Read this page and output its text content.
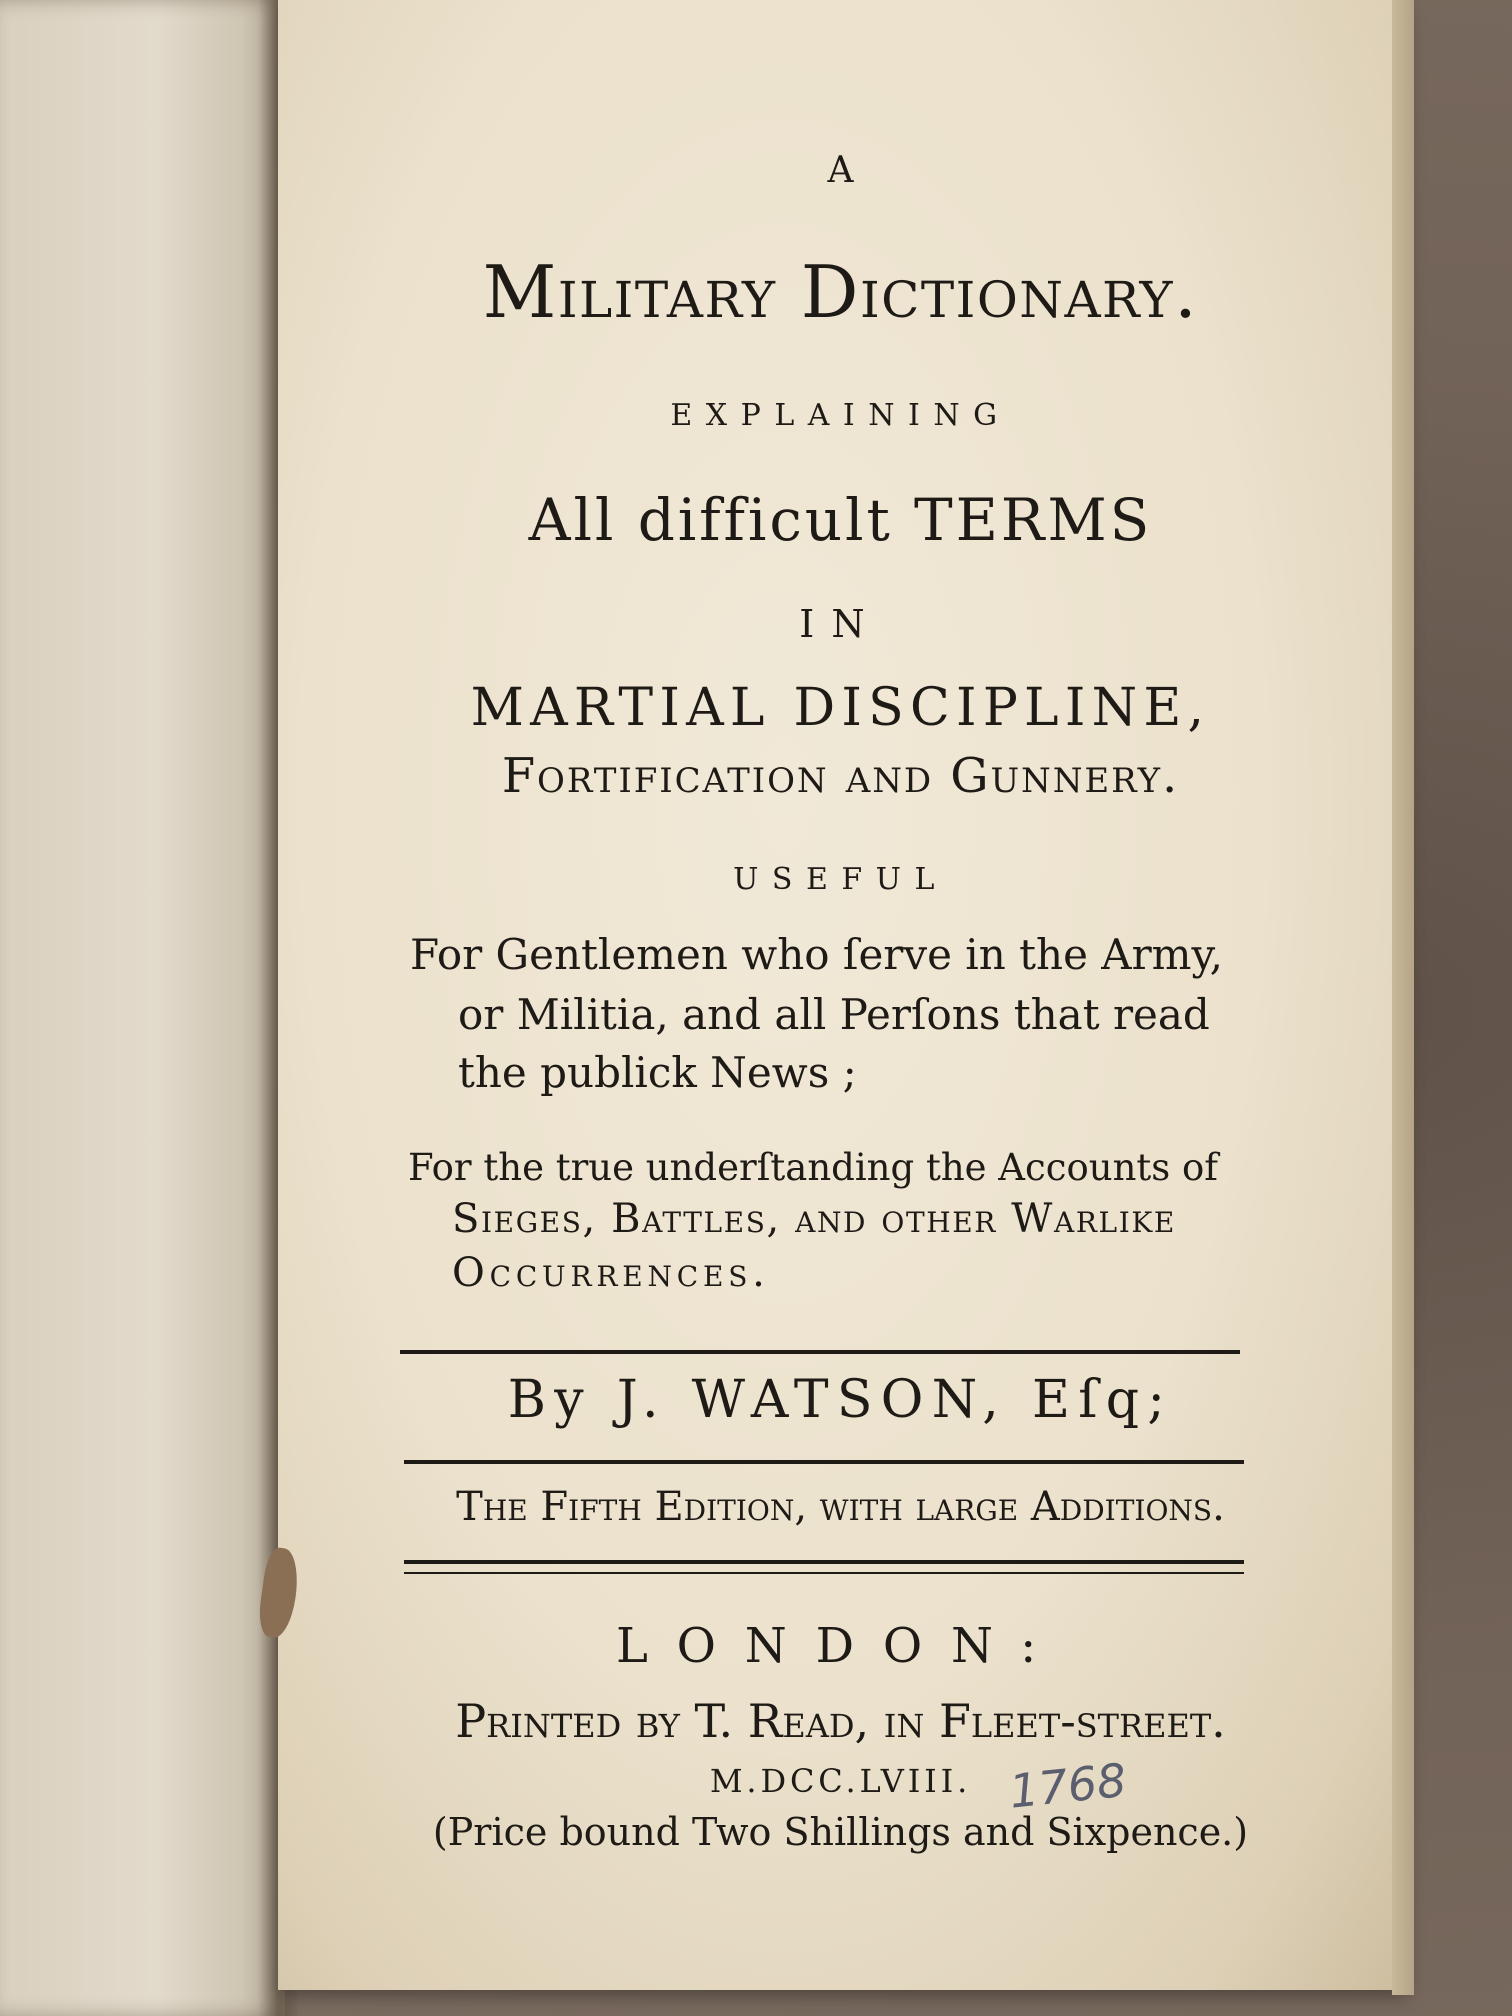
A
Military Dictionary.
EXPLAINING
All difficult TERMS
IN
MARTIAL DISCIPLINE,
Fortification and Gunnery.
USEFUL
For Gentlemen who ſerve in the Army,
or Militia, and all Perſons that read
the publick News ;
For the true underſtanding the Accounts of
Sieges, Battles, and other Warlike
Occurrences.
By J. WATSON, Eſq;
The Fifth Edition, with large Additions.
LONDON:
Printed by T. Read, in Fleet-ſtreet.
M.DCC.LVIII.
(Price bound Two Shillings and Sixpence.)
1768
